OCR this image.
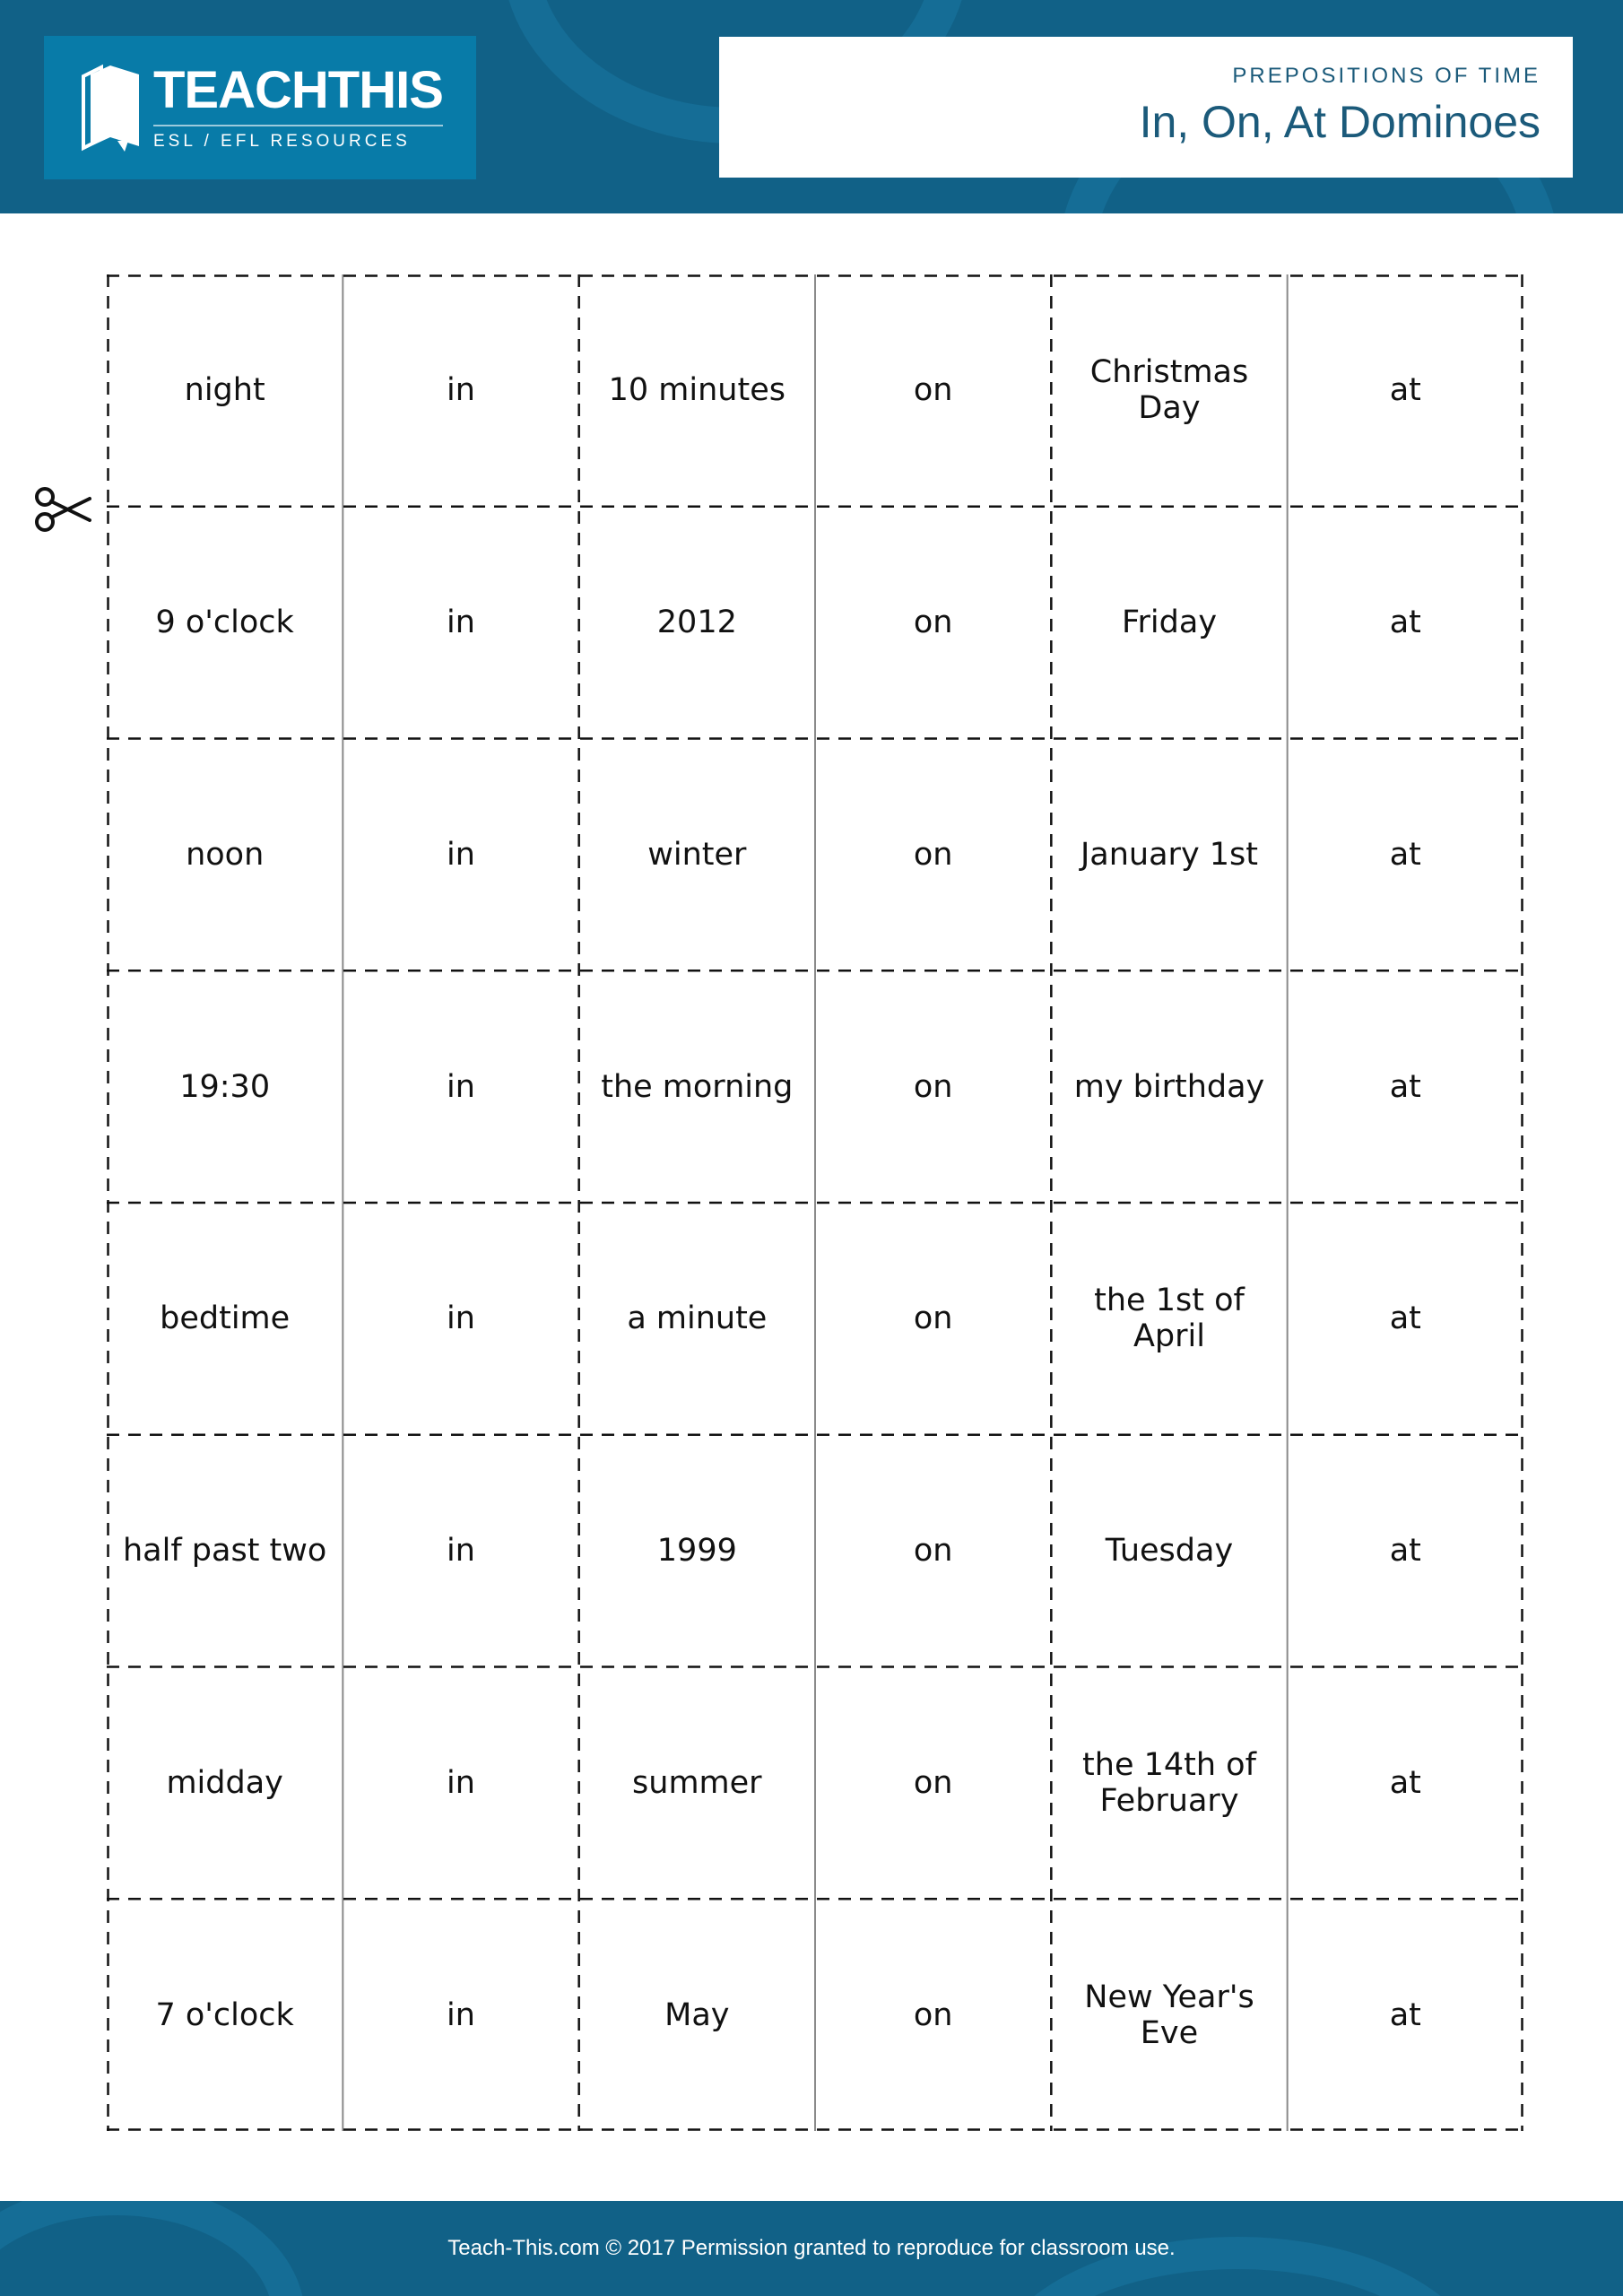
TEACHTHIS
ESL / EFL RESOURCES
PREPOSITIONS OF TIME
In, On, At Dominoes
night	in	10 minutes	on	Christmas Day	at
9 o'clock	in	2012	on	Friday	at
noon	in	winter	on	January 1st	at
19:30	in	the morning	on	my birthday	at
bedtime	in	a minute	on	the 1st of April	at
half past two	in	1999	on	Tuesday	at
midday	in	summer	on	the 14th of February	at
7 o'clock	in	May	on	New Year's Eve	at
Teach-This.com © 2017 Permission granted to reproduce for classroom use.
